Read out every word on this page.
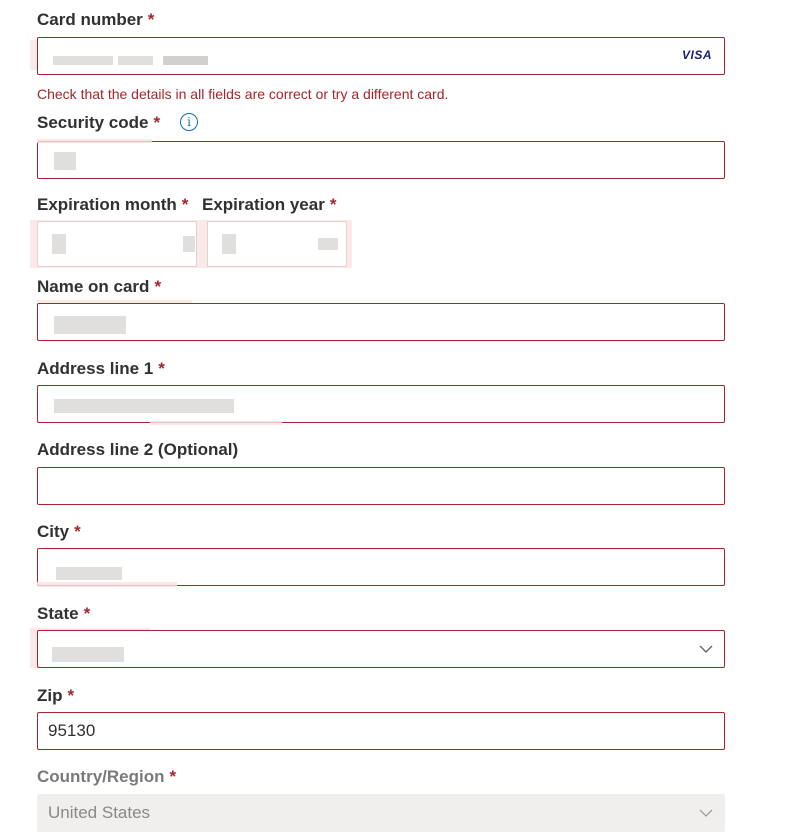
Card number *
VISA
Check that the details in all fields are correct or try a different card.
Security code *	i
Expiration month * Expiration year *
Name on card *
Address line 1 *
Address line 2 (Optional)
City *
State *
Zip *
95130
Country/Region *
United States
